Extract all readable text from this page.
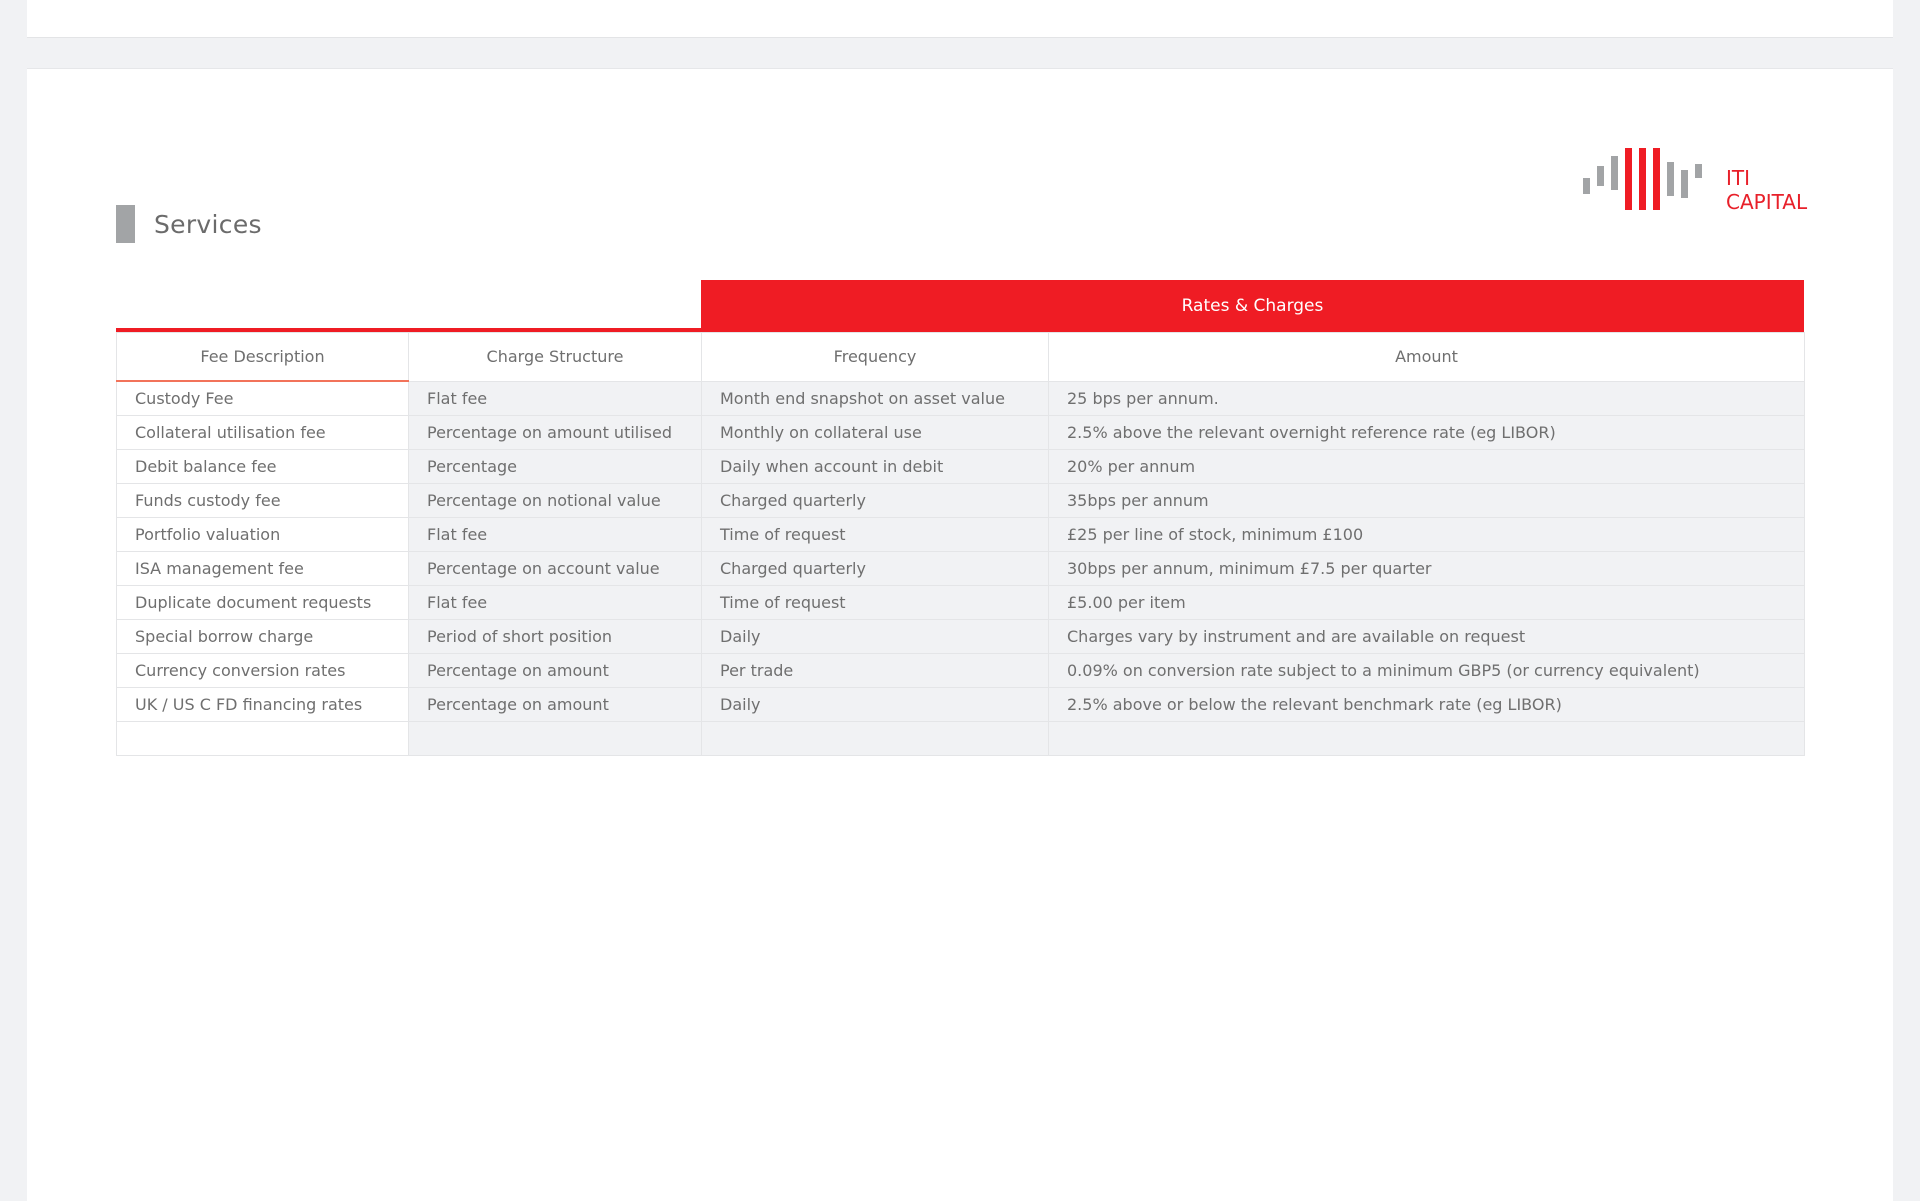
Services
ITI
CAPITAL
Rates & Charges
Fee Description	Charge Structure	Frequency	Amount
Custody Fee	Flat fee	Month end snapshot on asset value	25 bps per annum.
Collateral utilisation fee	Percentage on amount utilised	Monthly on collateral use	2.5% above the relevant overnight reference rate (eg LIBOR)
Debit balance fee	Percentage	Daily when account in debit	20% per annum
Funds custody fee	Percentage on notional value	Charged quarterly	35bps per annum
Portfolio valuation	Flat fee	Time of request	£25 per line of stock, minimum £100
ISA management fee	Percentage on account value	Charged quarterly	30bps per annum, minimum £7.5 per quarter
Duplicate document requests	Flat fee	Time of request	£5.00 per item
Special borrow charge	Period of short position	Daily	Charges vary by instrument and are available on request
Currency conversion rates	Percentage on amount	Per trade	0.09% on conversion rate subject to a minimum GBP5 (or currency equivalent)
UK / US C FD financing rates	Percentage on amount	Daily	2.5% above or below the relevant benchmark rate (eg LIBOR)
